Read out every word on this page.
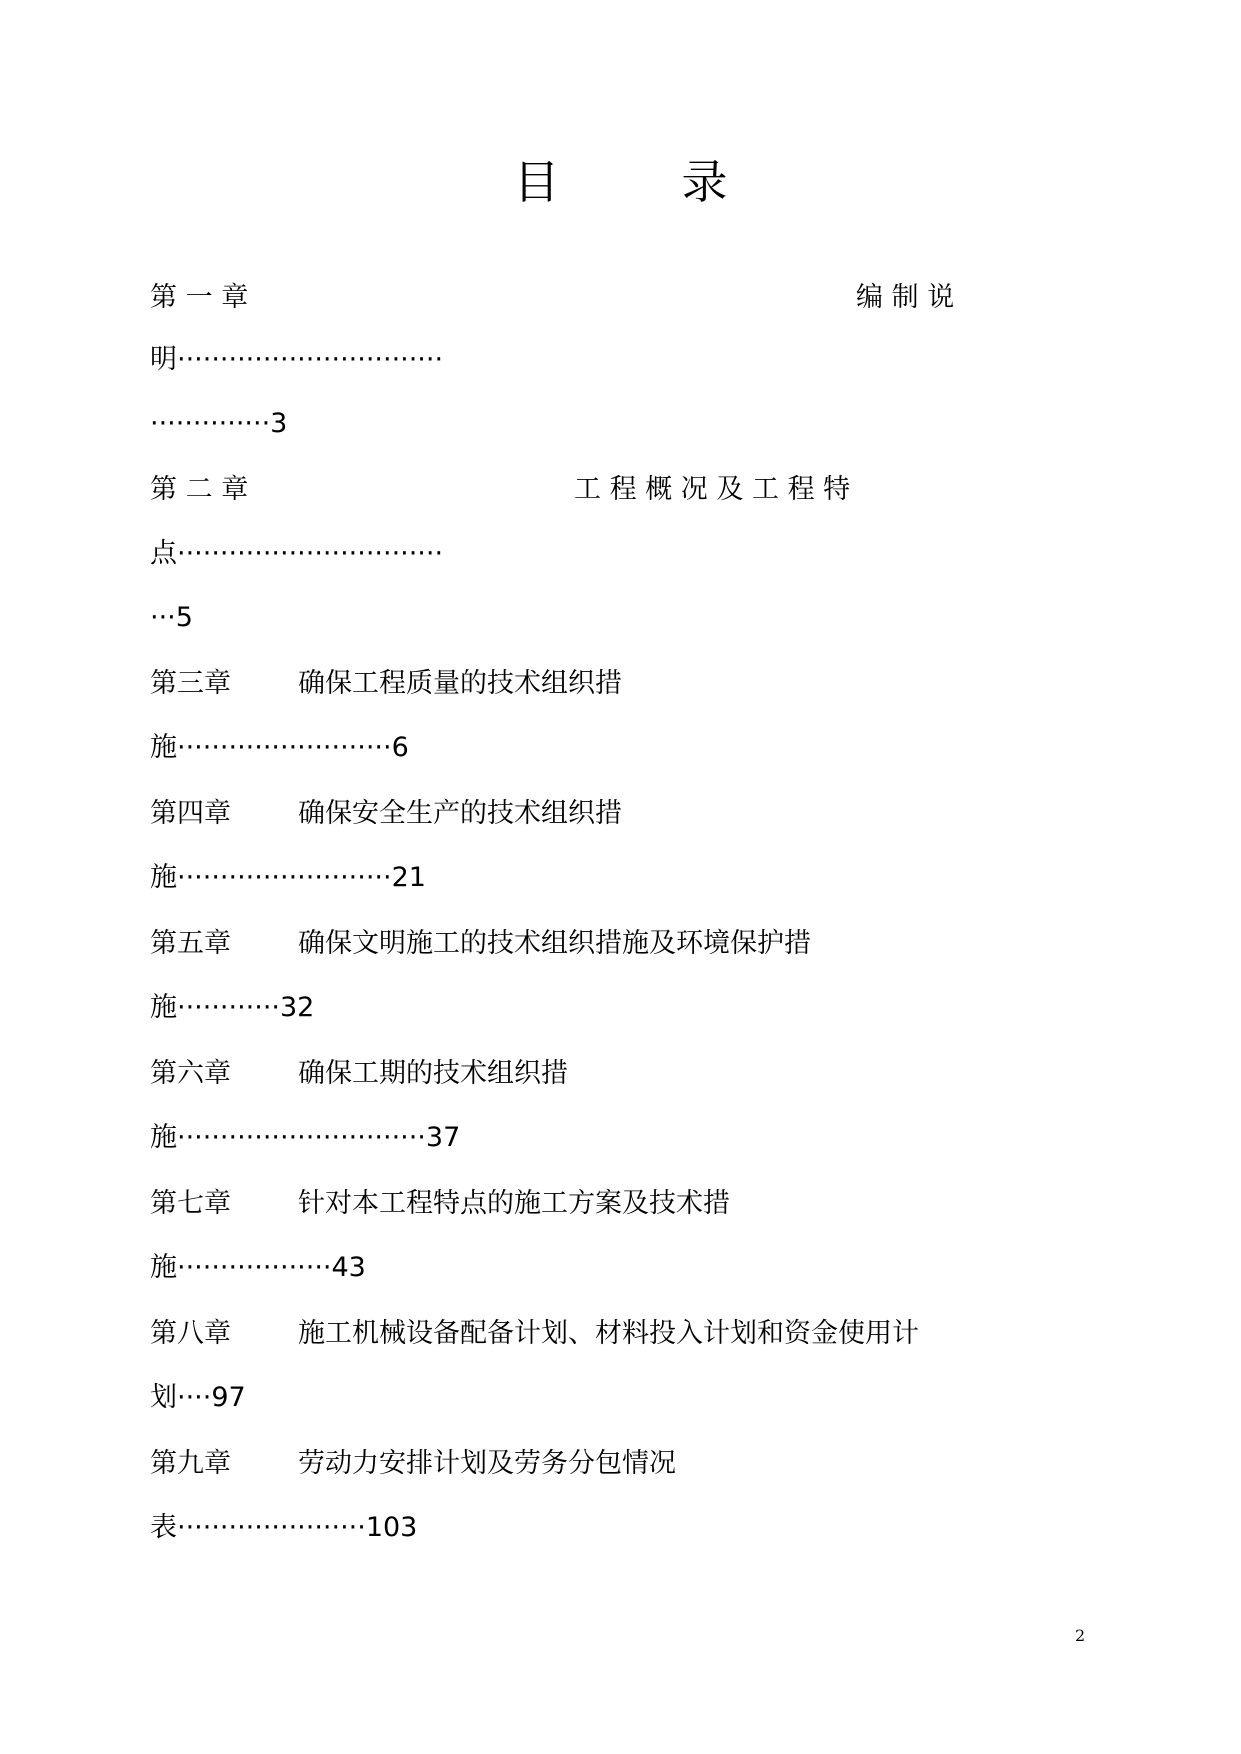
目　录
第 一 章	编 制 说
明·······························
··············3
第 二 章	工 程 概 况 及 工 程 特
点·······························
···5
第三章 确保工程质量的技术组织措
施·························6
第四章 确保安全生产的技术组织措
施·························21
第五章 确保文明施工的技术组织措施及环境保护措
施············32
第六章 确保工期的技术组织措
施·····························37
第七章 针对本工程特点的施工方案及技术措
施··················43
第八章 施工机械设备配备计划、材料投入计划和资金使用计
划····97
第九章 劳动力安排计划及劳务分包情况
表······················103
2
